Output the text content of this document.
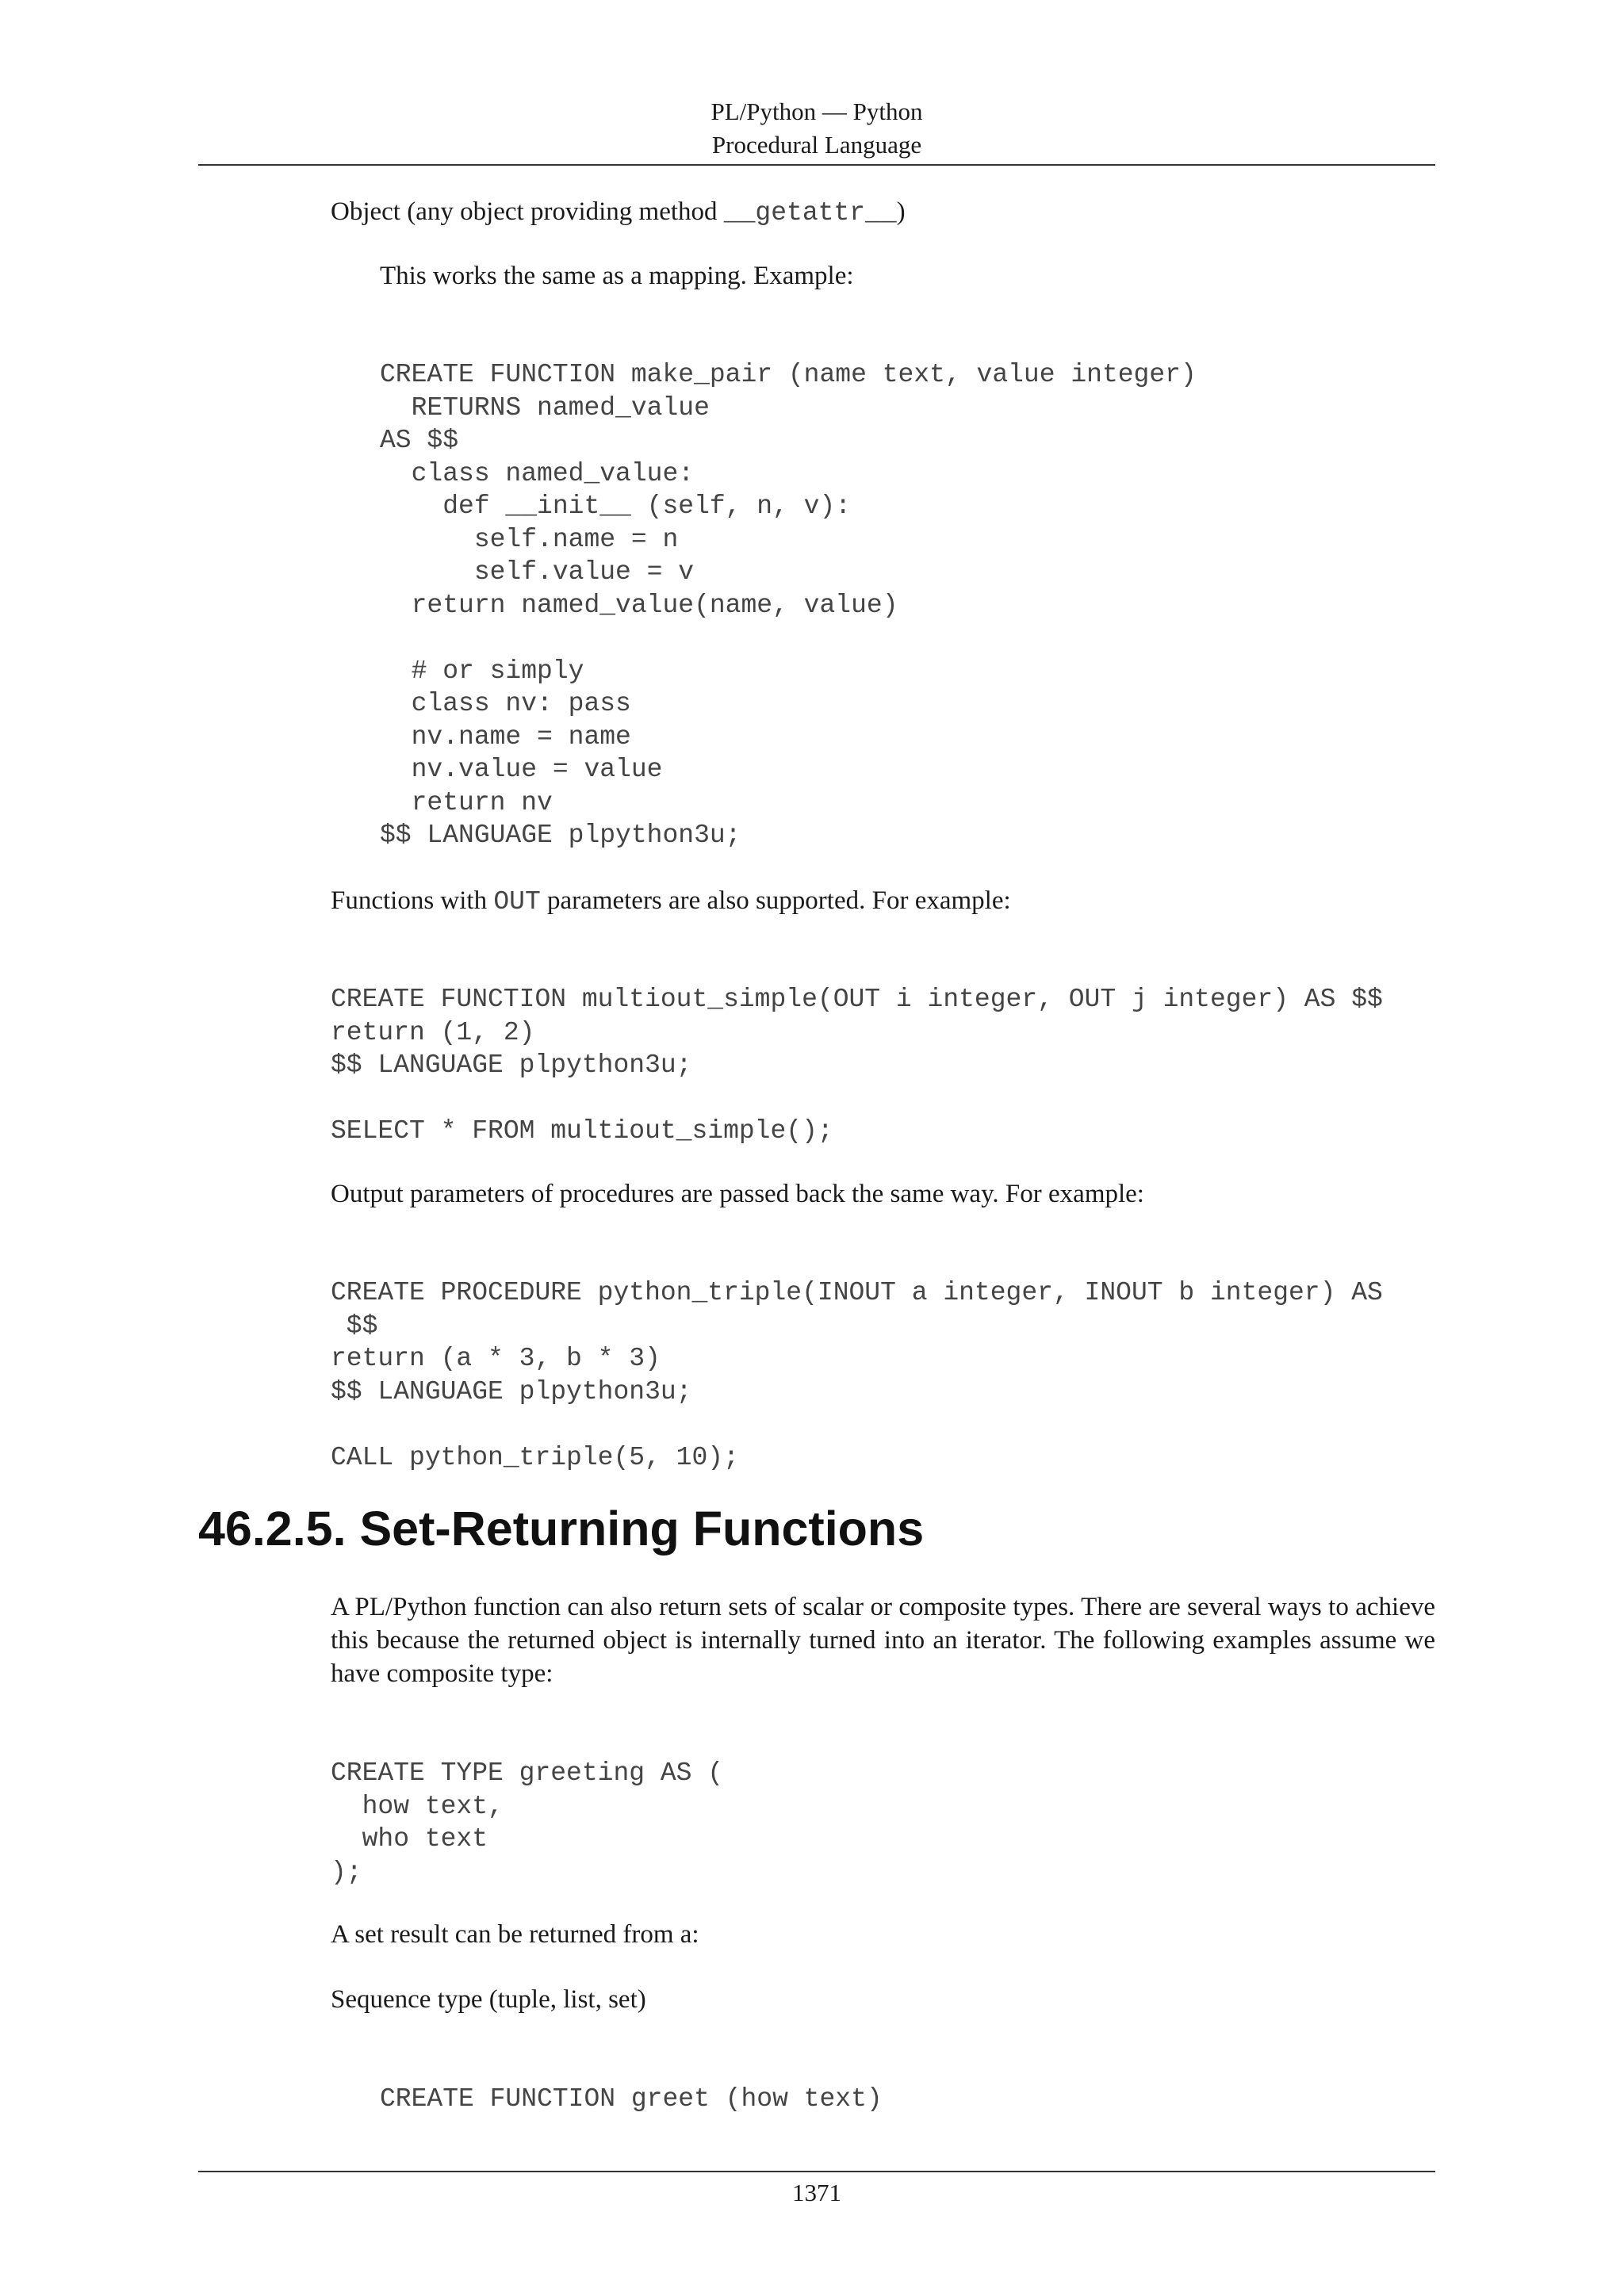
PL/Python — Python
Procedural Language
Object (any object providing method __getattr__)
This works the same as a mapping. Example:
CREATE FUNCTION make_pair (name text, value integer)
RETURNS named_value
AS $$
class named_value:
def __init__ (self, n, v):
self.name = n
self.value = v
return named_value(name, value)

# or simply
class nv: pass
nv.name = name
nv.value = value
return nv
$$ LANGUAGE plpython3u;
Functions with OUT parameters are also supported. For example:
CREATE FUNCTION multiout_simple(OUT i integer, OUT j integer) AS $$
return (1, 2)
$$ LANGUAGE plpython3u;

SELECT * FROM multiout_simple();
Output parameters of procedures are passed back the same way. For example:
CREATE PROCEDURE python_triple(INOUT a integer, INOUT b integer) AS
$$
return (a * 3, b * 3)
$$ LANGUAGE plpython3u;

CALL python_triple(5, 10);
46.2.5. Set-Returning Functions
A PL/Python function can also return sets of scalar or composite types. There are several ways to achieve this because the returned object is internally turned into an iterator. The following examples assume we have composite type:
CREATE TYPE greeting AS (
how text,
who text
);
A set result can be returned from a:
Sequence type (tuple, list, set)
CREATE FUNCTION greet (how text)
1371
